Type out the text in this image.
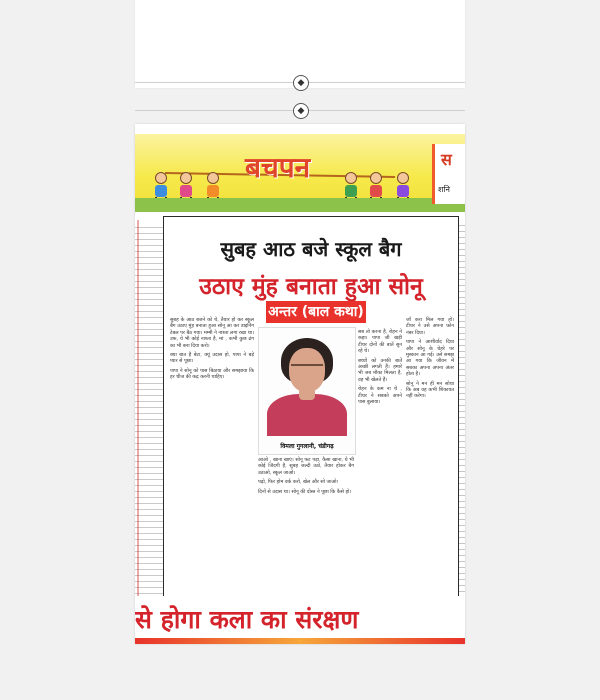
◆
◆
बचपन	स
शनि
सुबह आठ बजे स्कूल बैग
उठाए मुंह बनाता हुआ सोनू
अन्तर (बाल कथा)

सुबह के आठ बजने को थे, तैयार हो कर स्कूल बैग उठाए मुंह बनाता हुआ सोनू आ कर डाइनिंग टेबल पर बैठ गया। मम्मी ने नाश्ता लगा रखा था। उफ, ये भी कोई नाश्ता है, मां , कभी कुछ ढंग का भी बना दिया करो।

क्या बात है बेटा, क्यूं उदास हो, पापा ने बड़े प्यार से पूछा।

पापा ने सोनू को पास बिठाया और समझाया कि हर चीज की कद्र करनी चाहिए।

विमला गुगलानी, चंडीगढ़

आओ , खाना खाएं। सोनू फट पड़ा, कैसा खाना, ये भी कोई जिंदगी है, सुबह जल्दी उठो, तैयार होकर बैग उठाओ, स्कूल जाओ।

पढ़ो, फिर होम वर्क करो, खेल और सो जाओ।

दिनों से उदास था। सोनू की दोस्त ने पूछा कि कैसे हो।

सब तो करना है, रोहन ने कहा। पापा जी खड़ी टीचर दोनों की बातें सुन रहे थे।

बच्चों को उनकी बातें अच्छी लगती हैं। हमारे भी जब मौका मिलता है, वह भी खेलते हैं।

रोहन के कम ना थे , टीचर ने सबको अपने पास बुलाया।

जाँ करा मिल गया हो। टीचर ने उसे अपना फ़ोन नंबर दिया।

पापा ने आशीर्वाद दिया और सोनू के चेहरे पर मुस्कान आ गई। उसे समझ आ गया कि जीवन में सबका अपना अपना अंतर होता है।

सोनू ने मन ही मन सोचा कि अब वह कभी शिकायत नहीं करेगा।

से होगा कला का संरक्षण
